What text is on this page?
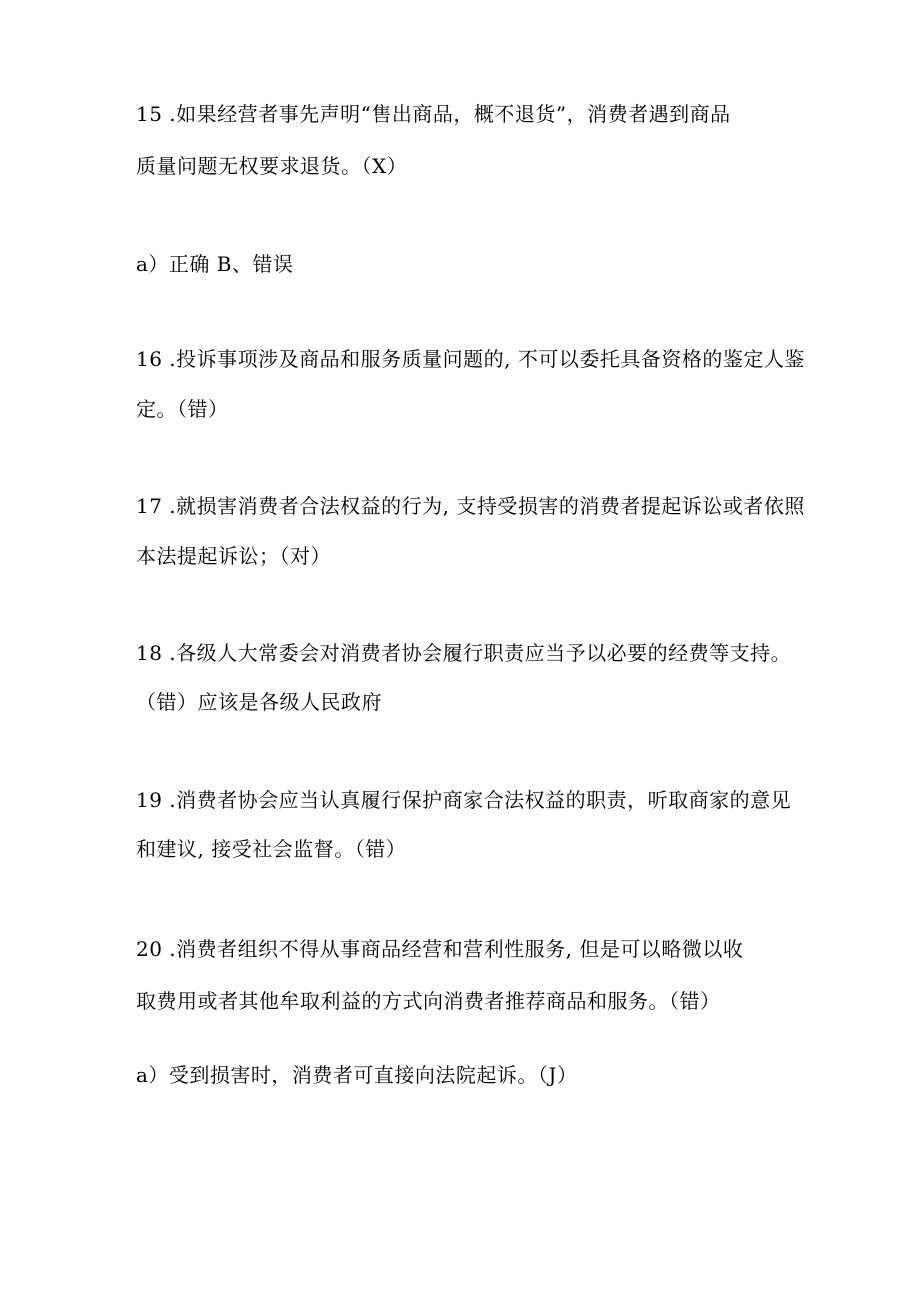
15 .如果经营者事先声明“售出商品，概不退货”，消费者遇到商品
质量问题无权要求退货。（X）
a）正确 B、错误
16 .投诉事项涉及商品和服务质量问题的, 不可以委托具备资格的鉴定人鉴
定。（错）
17 .就损害消费者合法权益的行为, 支持受损害的消费者提起诉讼或者依照
本法提起诉讼；（对）
18 .各级人大常委会对消费者协会履行职责应当予以必要的经费等支持。
（错）应该是各级人民政府
19 .消费者协会应当认真履行保护商家合法权益的职责，听取商家的意见
和建议, 接受社会监督。（错）
20 .消费者组织不得从事商品经营和营利性服务, 但是可以略微以收
取费用或者其他牟取利益的方式向消费者推荐商品和服务。（错）
a）受到损害时，消费者可直接向法院起诉。（J）
